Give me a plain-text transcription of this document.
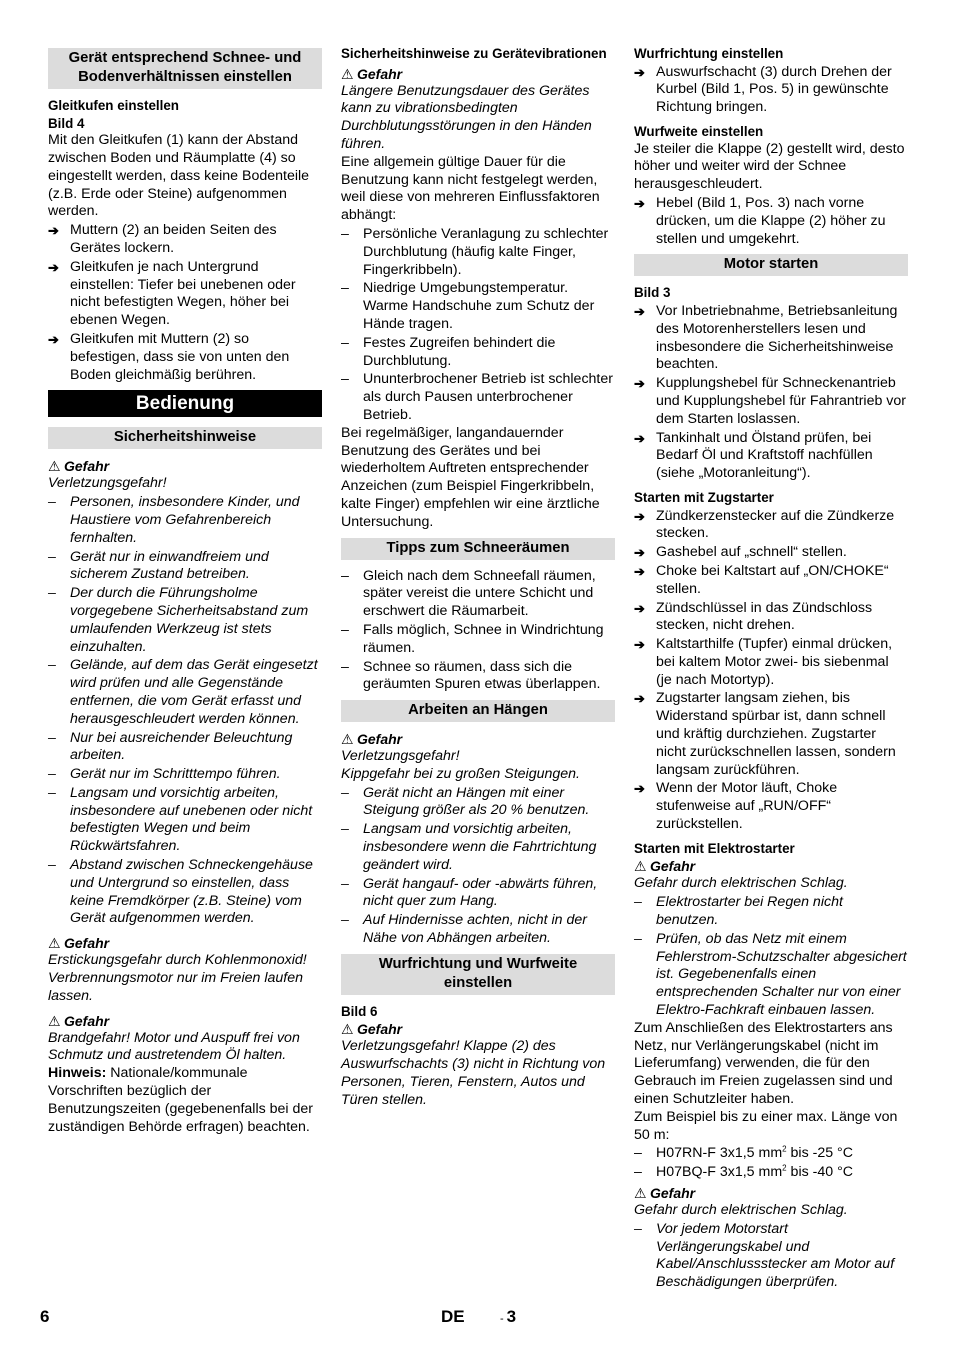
Gerät entsprechend Schnee- und Bodenverhältnissen einstellen
Gleitkufen einstellen
Bild 4
Mit den Gleitkufen (1) kann der Abstand zwischen Boden und Räumplatte (4) so eingestellt werden, dass keine Bodenteile (z.B. Erde oder Steine) aufgenommen werden.
➔ Muttern (2) an beiden Seiten des Gerätes lockern.
➔ Gleitkufen je nach Untergrund einstellen: Tiefer bei unebenen oder nicht befestigten Wegen, höher bei ebenen Wegen.
➔ Gleitkufen mit Muttern (2) so befestigen, dass sie von unten den Boden gleichmäßig berühren.
Bedienung
Sicherheitshinweise
⚠ Gefahr
Verletzungsgefahr!
– Personen, insbesondere Kinder, und Haustiere vom Gefahrenbereich fernhalten.
– Gerät nur in einwandfreiem und sicherem Zustand betreiben.
– Der durch die Führungsholme vorgegebene Sicherheitsabstand zum umlaufenden Werkzeug ist stets einzuhalten.
– Gelände, auf dem das Gerät eingesetzt wird prüfen und alle Gegenstände entfernen, die vom Gerät erfasst und herausgeschleudert werden können.
– Nur bei ausreichender Beleuchtung arbeiten.
– Gerät nur im Schritttempo führen.
– Langsam und vorsichtig arbeiten, insbesondere auf unebenen oder nicht befestigten Wegen und beim Rückwärtsfahren.
– Abstand zwischen Schneckengehäuse und Untergrund so einstellen, dass keine Fremdkörper (z.B. Steine) vom Gerät aufgenommen werden.
⚠ Gefahr
Erstickungsgefahr durch Kohlenmonoxid! Verbrennungsmotor nur im Freien laufen lassen.
⚠ Gefahr
Brandgefahr! Motor und Auspuff frei von Schmutz und austretendem Öl halten.
Hinweis: Nationale/kommunale Vorschriften bezüglich der Benutzungszeiten (gegebenenfalls bei der zuständigen Behörde erfragen) beachten.
Sicherheitshinweise zu Gerätevibrationen
⚠ Gefahr
Längere Benutzungsdauer des Gerätes kann zu vibrationsbedingten Durchblutungsstörungen in den Händen führen.
Eine allgemein gültige Dauer für die Benutzung kann nicht festgelegt werden, weil diese von mehreren Einflussfaktoren abhängt:
– Persönliche Veranlagung zu schlechter Durchblutung (häufig kalte Finger, Fingerkribbeln).
– Niedrige Umgebungstemperatur. Warme Handschuhe zum Schutz der Hände tragen.
– Festes Zugreifen behindert die Durchblutung.
– Ununterbrochener Betrieb ist schlechter als durch Pausen unterbrochener Betrieb.
Bei regelmäßiger, langandauernder Benutzung des Gerätes und bei wiederholtem Auftreten entsprechender Anzeichen (zum Beispiel Fingerkribbeln, kalte Finger) empfehlen wir eine ärztliche Untersuchung.
Tipps zum Schneeräumen
– Gleich nach dem Schneefall räumen, später vereist die untere Schicht und erschwert die Räumarbeit.
– Falls möglich, Schnee in Windrichtung räumen.
– Schnee so räumen, dass sich die geräumten Spuren etwas überlappen.
Arbeiten an Hängen
⚠ Gefahr
Verletzungsgefahr!
Kippgefahr bei zu großen Steigungen.
– Gerät nicht an Hängen mit einer Steigung größer als 20 % benutzen.
– Langsam und vorsichtig arbeiten, insbesondere wenn die Fahrtrichtung geändert wird.
– Gerät hangauf- oder -abwärts führen, nicht quer zum Hang.
– Auf Hindernisse achten, nicht in der Nähe von Abhängen arbeiten.
Wurfrichtung und Wurfweite einstellen
Bild 6
⚠ Gefahr
Verletzungsgefahr! Klappe (2) des Auswurfschachts (3) nicht in Richtung von Personen, Tieren, Fenstern, Autos und Türen stellen.
Wurfrichtung einstellen
➔ Auswurfschacht (3) durch Drehen der Kurbel (Bild 1, Pos. 5) in gewünschte Richtung bringen.
Wurfweite einstellen
Je steiler die Klappe (2) gestellt wird, desto höher und weiter wird der Schnee herausgeschleudert.
➔ Hebel (Bild 1, Pos. 3) nach vorne drücken, um die Klappe (2) höher zu stellen und umgekehrt.
Motor starten
Bild 3
➔ Vor Inbetriebnahme, Betriebsanleitung des Motorenherstellers lesen und insbesondere die Sicherheitshinweise beachten.
➔ Kupplungshebel für Schneckenantrieb und Kupplungshebel für Fahrantrieb vor dem Starten loslassen.
➔ Tankinhalt und Ölstand prüfen, bei Bedarf Öl und Kraftstoff nachfüllen (siehe „Motoranleitung“).
Starten mit Zugstarter
➔ Zündkerzenstecker auf die Zündkerze stecken.
➔ Gashebel auf „schnell“ stellen.
➔ Choke bei Kaltstart auf „ON/CHOKE“ stellen.
➔ Zündschlüssel in das Zündschloss stecken, nicht drehen.
➔ Kaltstarthilfe (Tupfer) einmal drücken, bei kaltem Motor zwei- bis siebenmal (je nach Motortyp).
➔ Zugstarter langsam ziehen, bis Widerstand spürbar ist, dann schnell und kräftig durchziehen. Zugstarter nicht zurückschnellen lassen, sondern langsam zurückführen.
➔ Wenn der Motor läuft, Choke stufenweise auf „RUN/OFF“ zurückstellen.
Starten mit Elektrostarter
⚠ Gefahr
Gefahr durch elektrischen Schlag.
– Elektrostarter bei Regen nicht benutzen.
– Prüfen, ob das Netz mit einem Fehlerstrom-Schutzschalter abgesichert ist. Gegebenenfalls einen entsprechenden Schalter nur von einer Elektro-Fachkraft einbauen lassen.
Zum Anschließen des Elektrostarters ans Netz, nur Verlängerungskabel (nicht im Lieferumfang) verwenden, die für den Gebrauch im Freien zugelassen sind und einen Schutzleiter haben.
Zum Beispiel bis zu einer max. Länge von 50 m:
– H07RN-F 3x1,5 $mm^2$ bis -25 °C
– H07BQ-F 3x1,5 $mm^2$ bis -40 °C
⚠ Gefahr
Gefahr durch elektrischen Schlag.
– Vor jedem Motorstart Verlängerungskabel und Kabel/Anschlussstecker am Motor auf Beschädigungen überprüfen.
6	DE	- 3
